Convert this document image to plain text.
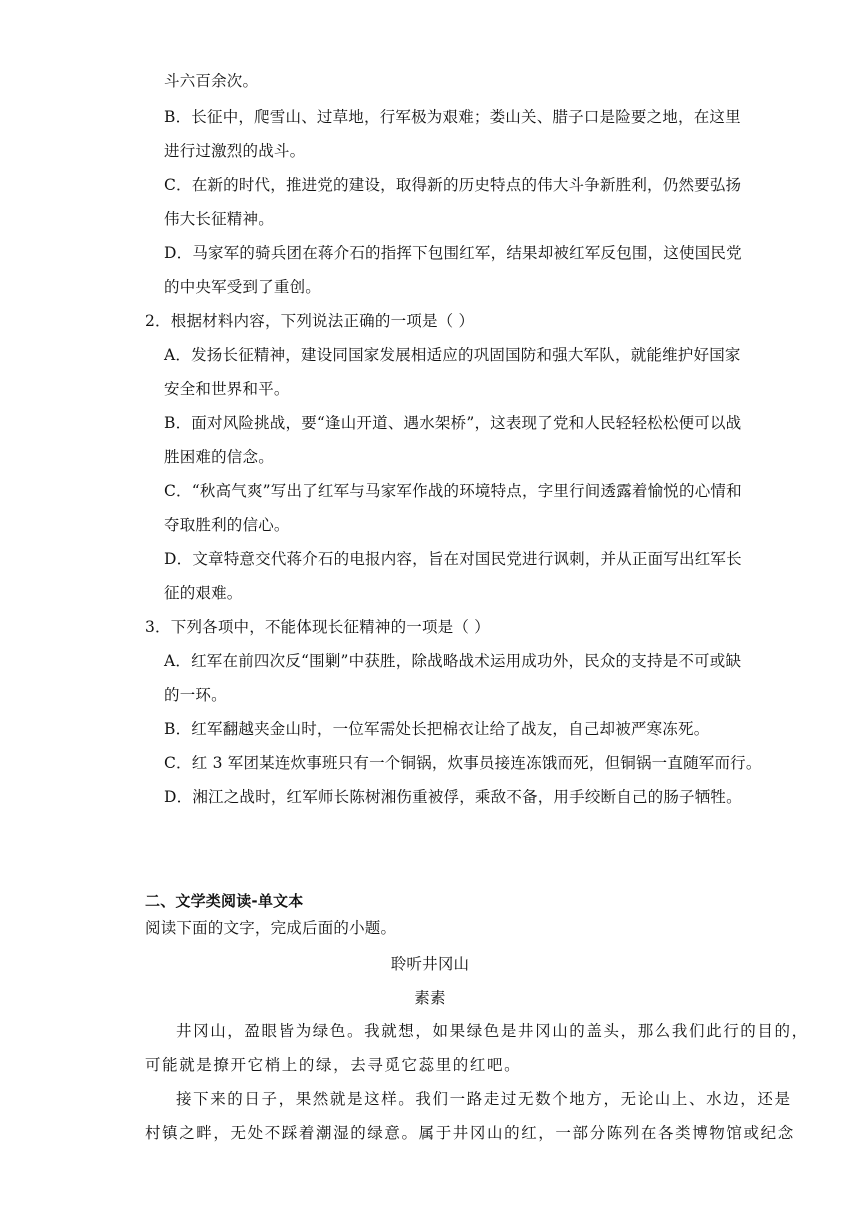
斗六百余次。
B．长征中，爬雪山、过草地，行军极为艰难；娄山关、腊子口是险要之地，在这里
进行过激烈的战斗。
C．在新的时代，推进党的建设，取得新的历史特点的伟大斗争新胜利，仍然要弘扬
伟大长征精神。
D．马家军的骑兵团在蒋介石的指挥下包围红军，结果却被红军反包围，这使国民党
的中央军受到了重创。
2．根据材料内容，下列说法正确的一项是（ ）
A．发扬长征精神，建设同国家发展相适应的巩固国防和强大军队，就能维护好国家
安全和世界和平。
B．面对风险挑战，要“逢山开道、遇水架桥”，这表现了党和人民轻轻松松便可以战
胜困难的信念。
C．“秋高气爽”写出了红军与马家军作战的环境特点，字里行间透露着愉悦的心情和
夺取胜利的信心。
D．文章特意交代蒋介石的电报内容，旨在对国民党进行讽刺，并从正面写出红军长
征的艰难。
3．下列各项中，不能体现长征精神的一项是（ ）
A．红军在前四次反“围剿”中获胜，除战略战术运用成功外，民众的支持是不可或缺
的一环。
B．红军翻越夹金山时，一位军需处长把棉衣让给了战友，自己却被严寒冻死。
C．红 3 军团某连炊事班只有一个铜锅，炊事员接连冻饿而死，但铜锅一直随军而行。
D．湘江之战时，红军师长陈树湘伤重被俘，乘敌不备，用手绞断自己的肠子牺牲。
二、文学类阅读-单文本
阅读下面的文字，完成后面的小题。
聆听井冈山
素素
井冈山，盈眼皆为绿色。我就想，如果绿色是井冈山的盖头，那么我们此行的目的，
可能就是撩开它梢上的绿，去寻觅它蕊里的红吧。
接下来的日子，果然就是这样。我们一路走过无数个地方，无论山上、水边，还是
村镇之畔，无处不踩着潮湿的绿意。属于井冈山的红，一部分陈列在各类博物馆或纪念
